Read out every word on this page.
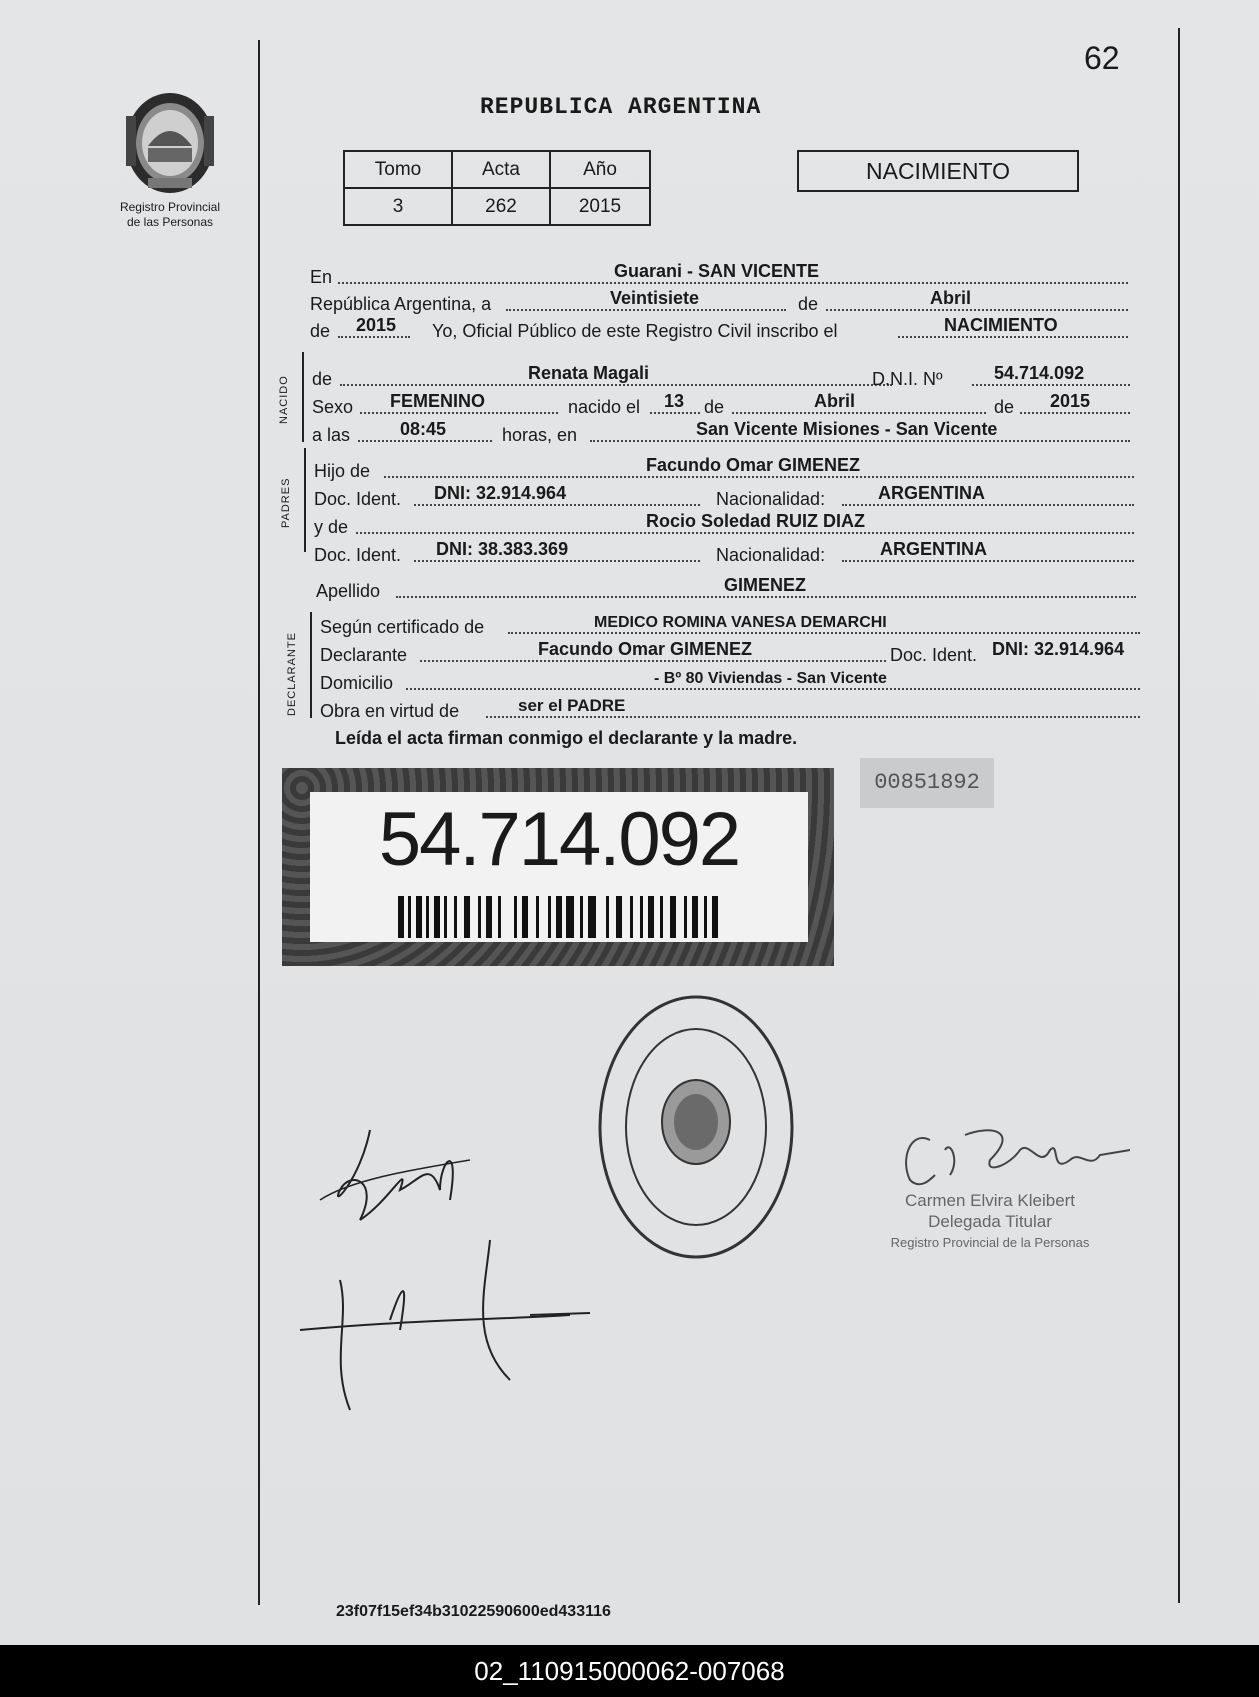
62
Registro Provincial
de las Personas
REPUBLICA ARGENTINA
Tomo	Acta	Año
3	262	2015
NACIMIENTO
En	Guarani - SAN VICENTE
República Argentina, a	Veintisiete	de	Abril
de 2015 Yo, Oficial Público de este Registro Civil inscribo el	NACIMIENTO
NACIDO de	Renata Magali	D.N.I. Nº	54.714.092
Sexo FEMENINO	nacido el 13 de	Abril	de 2015
a las	08:45	horas, en	San Vicente Misiones - San Vicente
PADRES
Hijo de	Facundo Omar GIMENEZ
Doc. Ident. DNI: 32.914.964	Nacionalidad:	ARGENTINA
y de	Rocio Soledad RUIZ DIAZ
Doc. Ident. DNI: 38.383.369	Nacionalidad:	ARGENTINA
Apellido	GIMENEZ
DECLARANTE
Según certificado de	MEDICO ROMINA VANESA DEMARCHI
Declarante	Facundo Omar GIMENEZ	Doc. Ident. DNI: 32.914.964
Domicilio	- Bº 80 Viviendas - San Vicente
Obra en virtud de	ser el PADRE
Leída el acta firman conmigo el declarante y la madre.
54.714.092
00851892
Carmen Elvira Kleibert
Delegada Titular
Registro Provincial de la Personas
23f07f15ef34b31022590600ed433116
02_110915000062-007068
